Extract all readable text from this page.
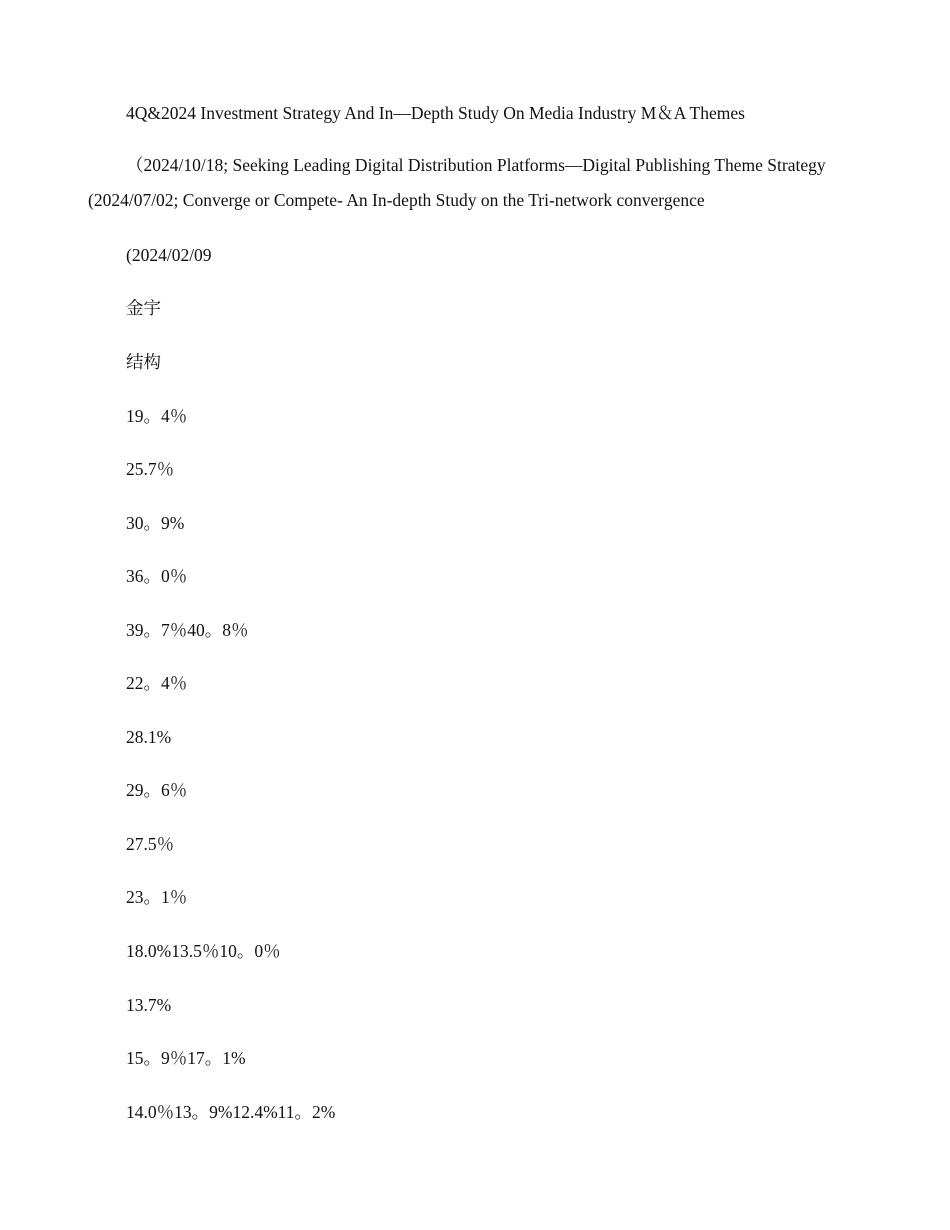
4Q&2024 Investment Strategy And In—Depth Study On Media Industry M＆A Themes
（2024/10/18; Seeking Leading Digital Distribution Platforms—Digital Publishing Theme Strategy (2024/07/02; Converge or Compete- An In-depth Study on the Tri-network convergence
(2024/02/09
金宇
结构
19。4％
25.7％
30。9%
36。0％
39。7％40。8％
22。4％
28.1%
29。6％
27.5％
23。1％
18.0%13.5％10。0％
13.7%
15。9％17。1%
14.0％13。9%12.4%11。2%
